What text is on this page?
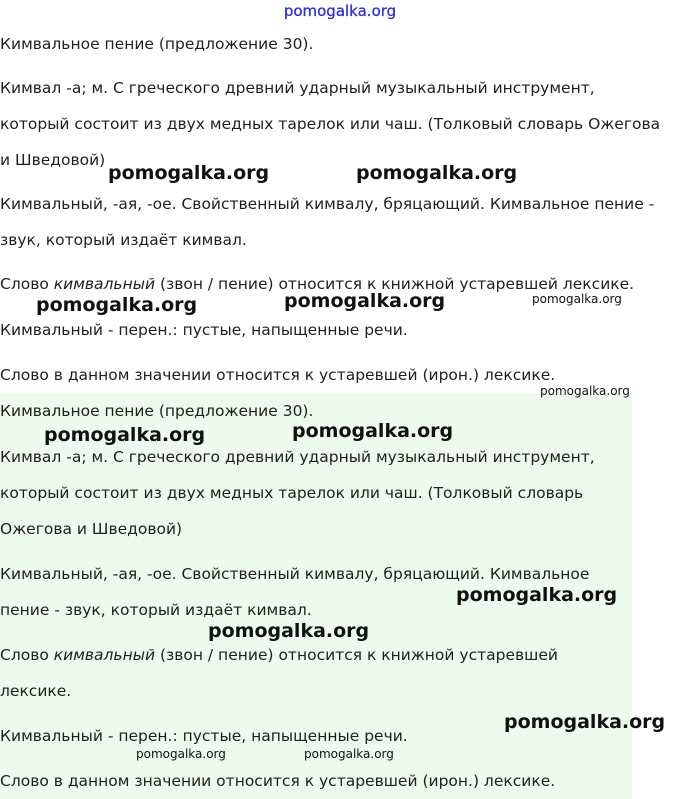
pomogalka.org

Кимвальное пение (предложение 30).

Кимвал -а; м. С греческого древний ударный музыкальный инструмент,

который состоит из двух медных тарелок или чаш. (Толковый словарь Ожегова

и Шведовой)

Кимвальный, -ая, -ое. Свойственный кимвалу, бряцающий. Кимвальное пение -

звук, который издаёт кимвал.

Слово кимвальный (звон / пение) относится к книжной устаревшей лексике.

Кимвальный - перен.: пустые, напыщенные речи.

Слово в данном значении относится к устаревшей (ирон.) лексике.

Кимвальное пение (предложение 30).

Кимвал -а; м. С греческого древний ударный музыкальный инструмент,

который состоит из двух медных тарелок или чаш. (Толковый словарь

Ожегова и Шведовой)

Кимвальный, -ая, -ое. Свойственный кимвалу, бряцающий. Кимвальное

пение - звук, который издаёт кимвал.

Слово кимвальный (звон / пение) относится к книжной устаревшей

лексике.

Кимвальный - перен.: пустые, напыщенные речи.

Слово в данном значении относится к устаревшей (ирон.) лексике.

pomogalka.org	pomogalka.org
pomogalka.org	pomogalka.org	pomogalka.org
pomogalka.org
pomogalka.org	pomogalka.org
pomogalka.org
pomogalka.org
pomogalka.org
pomogalka.org	pomogalka.org
